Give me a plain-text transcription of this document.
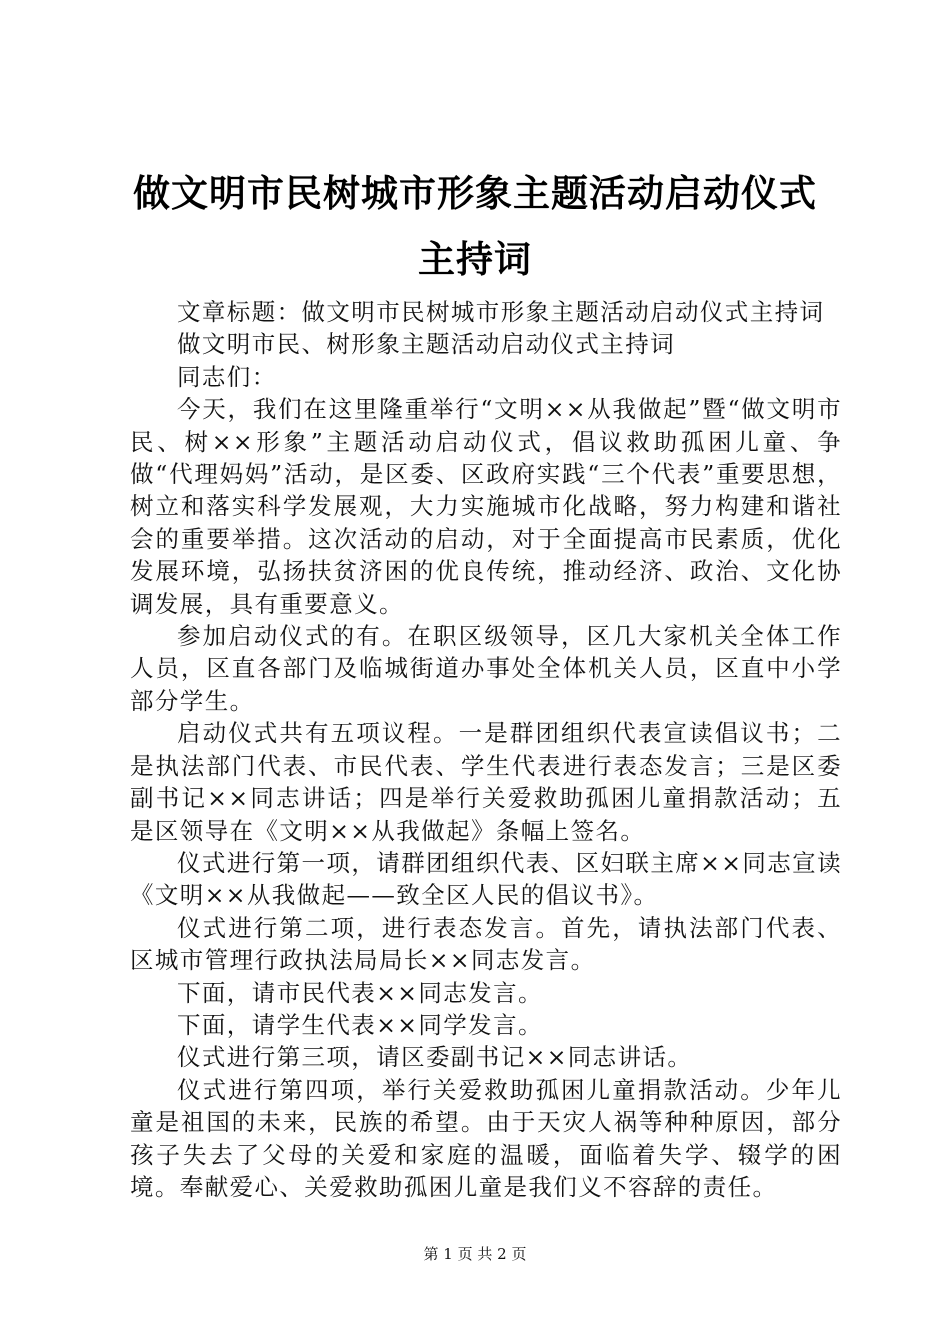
做文明市民树城市形象主题活动启动仪式主持词

文章标题：做文明市民树城市形象主题活动启动仪式主持词

做文明市民、树形象主题活动启动仪式主持词

同志们：

今天，我们在这里隆重举行“文明××从我做起”暨“做文明市民、树××形象”主题活动启动仪式，倡议救助孤困儿童、争做“代理妈妈”活动，是区委、区政府实践“三个代表”重要思想，树立和落实科学发展观，大力实施城市化战略，努力构建和谐社会的重要举措。这次活动的启动，对于全面提高市民素质，优化发展环境，弘扬扶贫济困的优良传统，推动经济、政治、文化协调发展，具有重要意义。

参加启动仪式的有。在职区级领导，区几大家机关全体工作人员，区直各部门及临城街道办事处全体机关人员，区直中小学部分学生。

启动仪式共有五项议程。一是群团组织代表宣读倡议书；二是执法部门代表、市民代表、学生代表进行表态发言；三是区委副书记××同志讲话；四是举行关爱救助孤困儿童捐款活动；五是区领导在《文明××从我做起》条幅上签名。

仪式进行第一项，请群团组织代表、区妇联主席××同志宣读《文明××从我做起——致全区人民的倡议书》。

仪式进行第二项，进行表态发言。首先，请执法部门代表、区城市管理行政执法局局长××同志发言。

下面，请市民代表××同志发言。

下面，请学生代表××同学发言。

仪式进行第三项，请区委副书记××同志讲话。

仪式进行第四项，举行关爱救助孤困儿童捐款活动。少年儿童是祖国的未来，民族的希望。由于天灾人祸等种种原因，部分孩子失去了父母的关爱和家庭的温暖，面临着失学、辍学的困境。奉献爱心、关爱救助孤困儿童是我们义不容辞的责任。

第 1 页 共 2 页
